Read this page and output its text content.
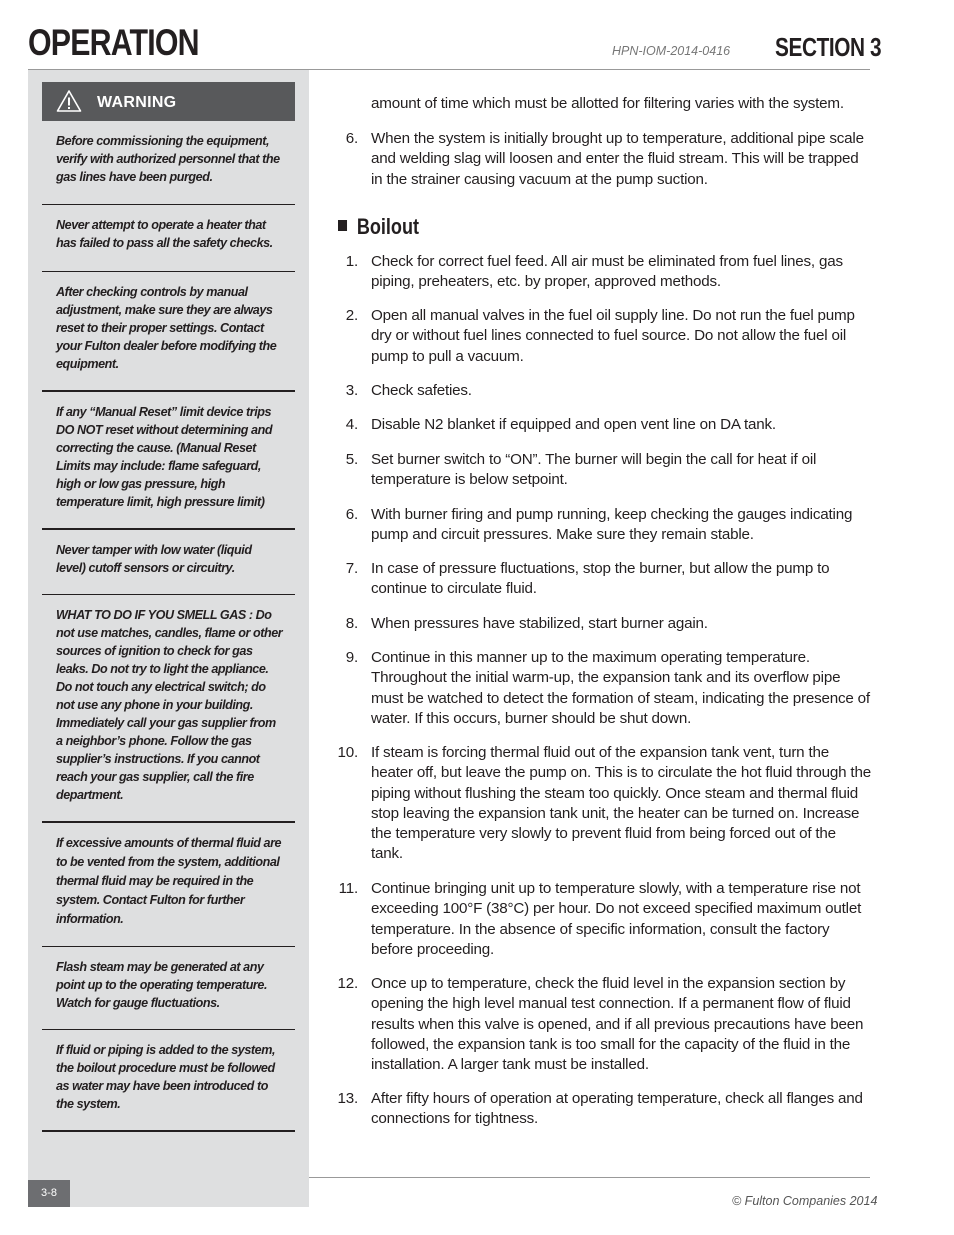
OPERATION	HPN-IOM-2014-0416 SECTION 3
WARNING
Before commissioning the equipment, verify with authorized personnel that the gas lines have been purged.
Never attempt to operate a heater that has failed to pass all the safety checks.
After checking controls by manual adjustment, make sure they are always reset to their proper settings. Contact your Fulton dealer before modifying the equipment.
If any “Manual Reset” limit device trips DO NOT reset without determining and correcting the cause. (Manual Reset Limits may include: flame safeguard, high or low gas pressure, high temperature limit, high pressure limit)
Never tamper with low water (liquid level) cutoff sensors or circuitry.
WHAT TO DO IF YOU SMELL GAS : Do not use matches, candles, flame or other sources of ignition to check for gas leaks. Do not try to light the appliance. Do not touch any electrical switch; do not use any phone in your building. Immediately call your gas supplier from a neighbor’s phone. Follow the gas supplier’s instructions. If you cannot reach your gas supplier, call the fire department.
If excessive amounts of thermal fluid are to be vented from the system, additional thermal fluid may be required in the system. Contact Fulton for further information.
Flash steam may be generated at any point up to the operating temperature. Watch for gauge fluctuations.
If fluid or piping is added to the system, the boilout procedure must be followed as water may have been introduced to the system.
amount of time which must be allotted for filtering varies with the system.
6. When the system is initially brought up to temperature, additional pipe scale and welding slag will loosen and enter the fluid stream. This will be trapped in the strainer causing vacuum at the pump suction.
Boilout
1. Check for correct fuel feed. All air must be eliminated from fuel lines, gas piping, preheaters, etc. by proper, approved methods.
2. Open all manual valves in the fuel oil supply line. Do not run the fuel pump dry or without fuel lines connected to fuel source. Do not allow the fuel oil pump to pull a vacuum.
3. Check safeties.
4. Disable N2 blanket if equipped and open vent line on DA tank.
5. Set burner switch to “ON”. The burner will begin the call for heat if oil temperature is below setpoint.
6. With burner firing and pump running, keep checking the gauges indicating pump and circuit pressures. Make sure they remain stable.
7. In case of pressure fluctuations, stop the burner, but allow the pump to continue to circulate fluid.
8. When pressures have stabilized, start burner again.
9. Continue in this manner up to the maximum operating temperature. Throughout the initial warm-up, the expansion tank and its overflow pipe must be watched to detect the formation of steam, indicating the presence of water. If this occurs, burner should be shut down.
10. If steam is forcing thermal fluid out of the expansion tank vent, turn the heater off, but leave the pump on. This is to circulate the hot fluid through the piping without flushing the steam too quickly. Once steam and thermal fluid stop leaving the expansion tank unit, the heater can be turned on. Increase the temperature very slowly to prevent fluid from being forced out of the tank.
11. Continue bringing unit up to temperature slowly, with a temperature rise not exceeding 100°F (38°C) per hour. Do not exceed specified maximum outlet temperature. In the absence of specific information, consult the factory before proceeding.
12. Once up to temperature, check the fluid level in the expansion section by opening the high level manual test connection. If a permanent flow of fluid results when this valve is opened, and if all previous precautions have been followed, the expansion tank is too small for the capacity of the fluid in the installation. A larger tank must be installed.
13. After fifty hours of operation at operating temperature, check all flanges and connections for tightness.
3-8
© Fulton Companies 2014
